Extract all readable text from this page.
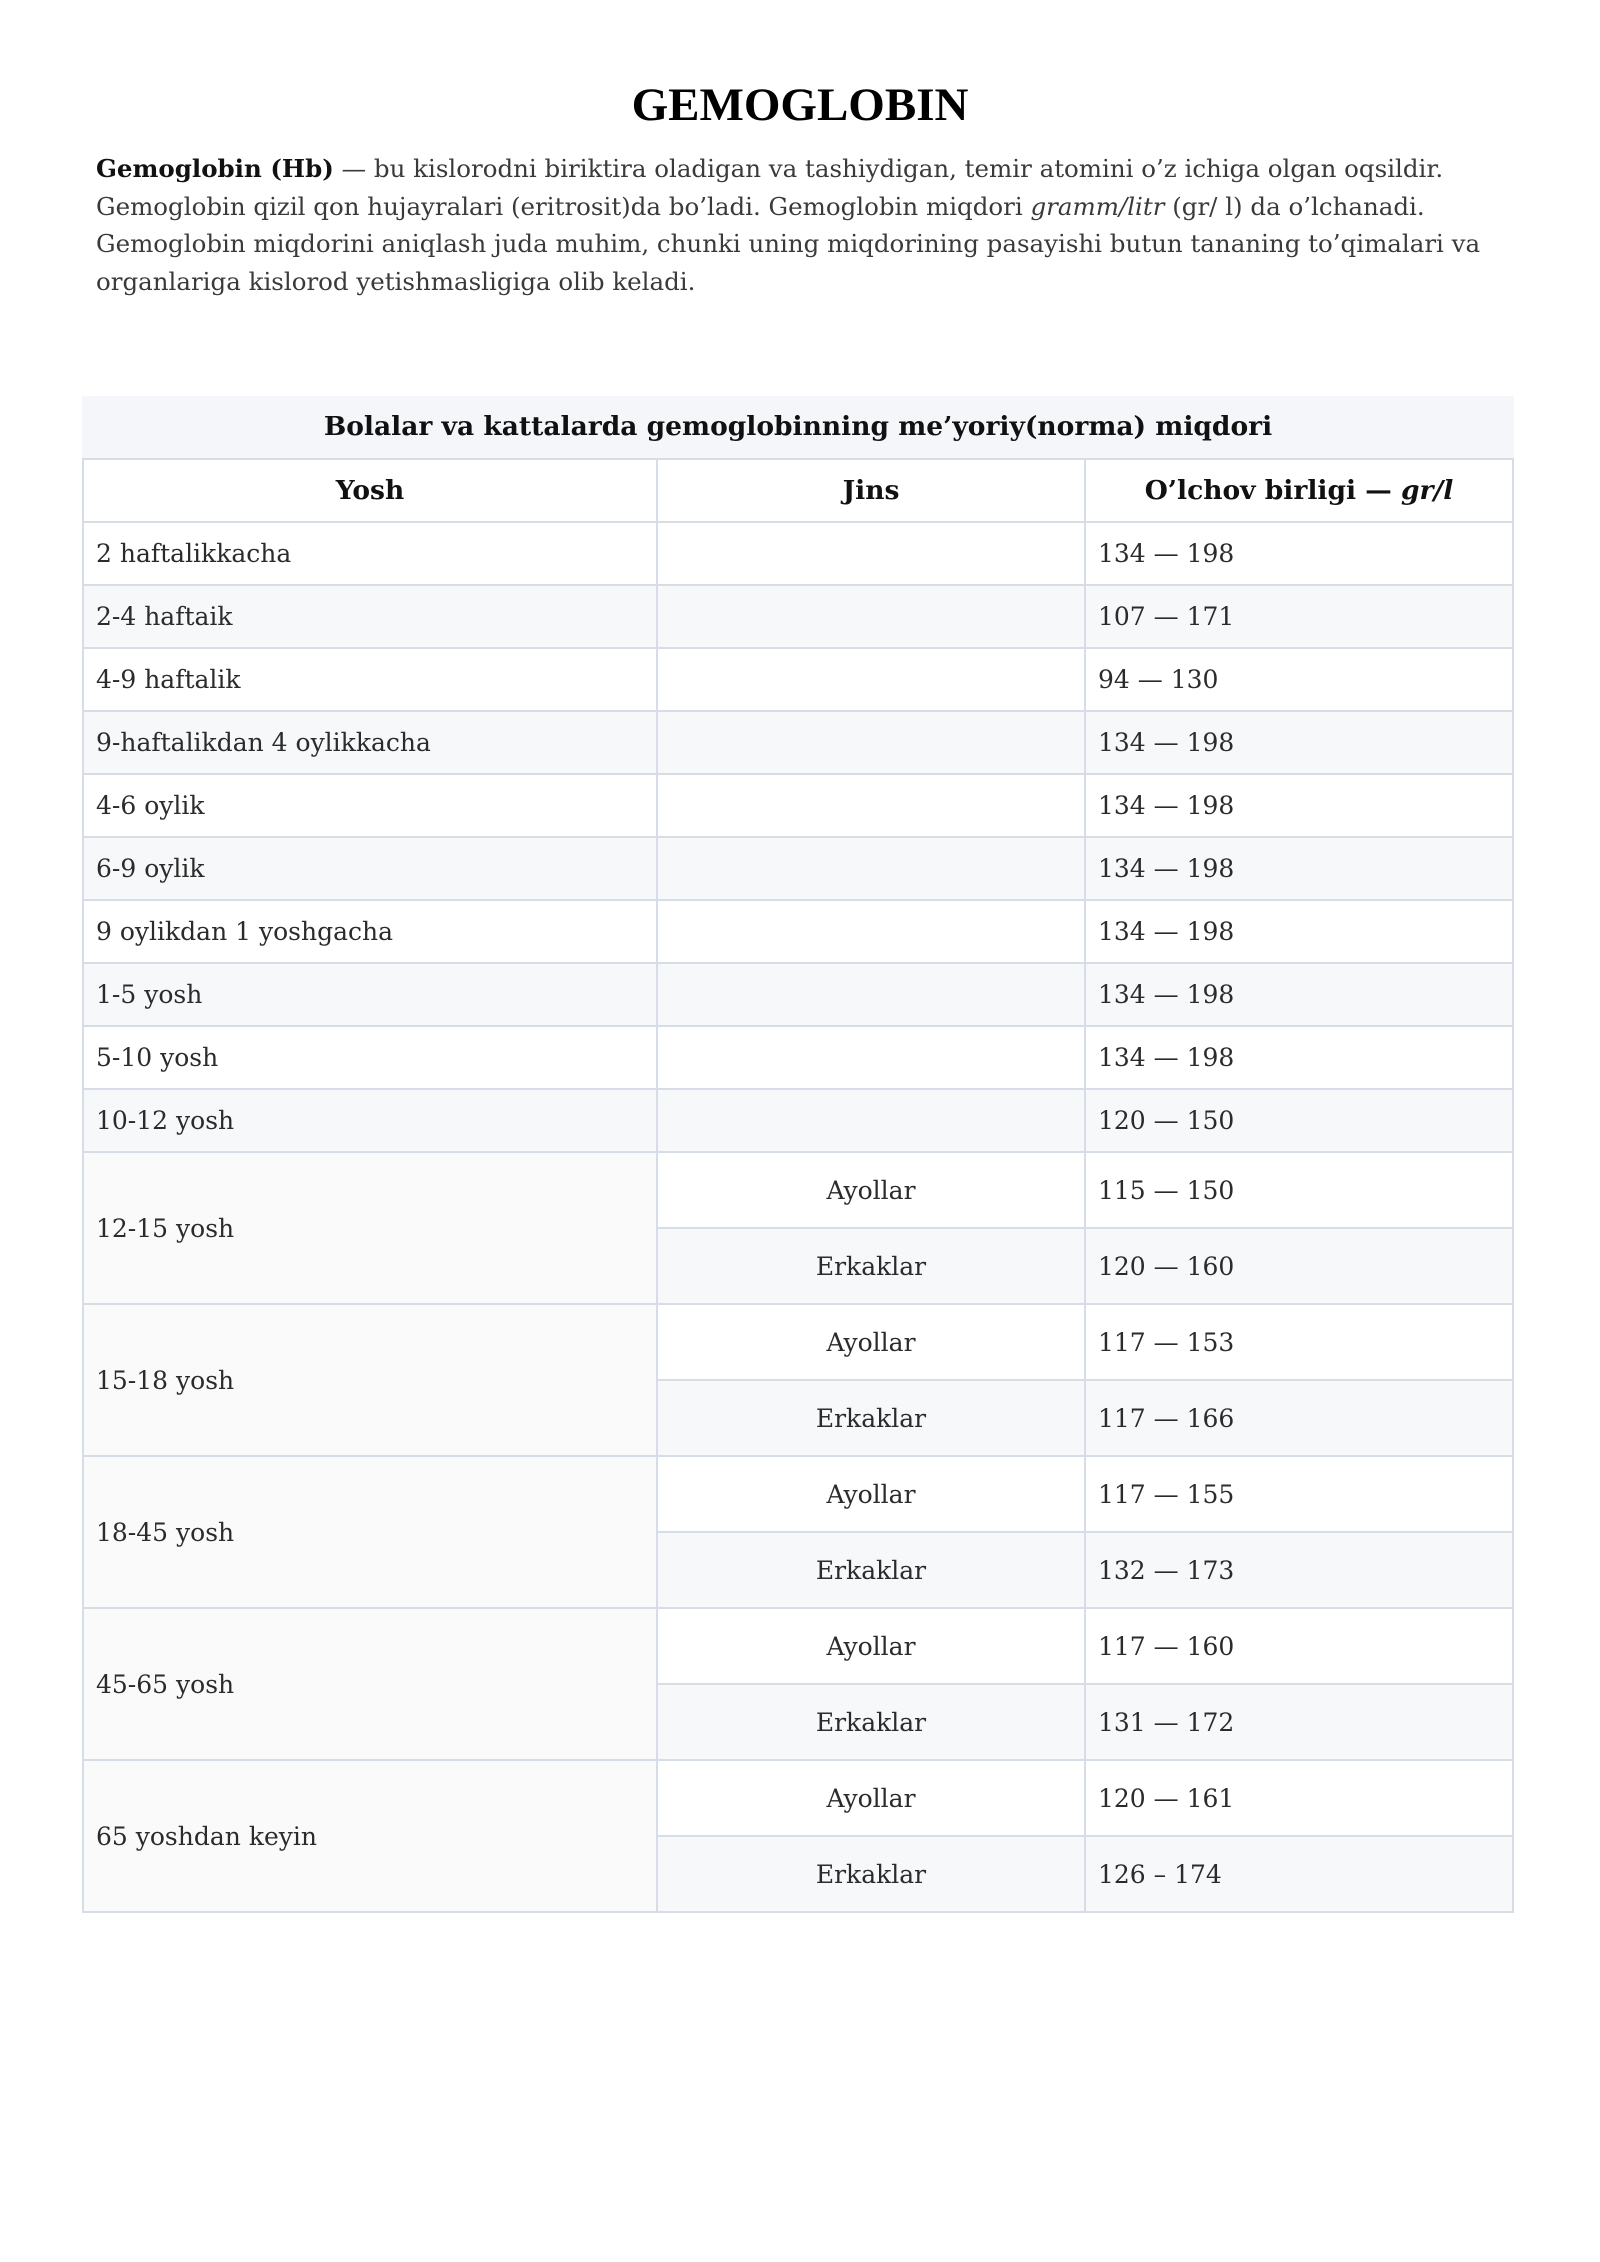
GEMOGLOBIN

Gemoglobin (Hb) — bu kislorodni biriktira oladigan va tashiydigan, temir atomini o’z ichiga olgan oqsildir. Gemoglobin qizil qon hujayralari (eritrosit)da bo’ladi. Gemoglobin miqdori gramm/litr (gr/ l) da o’lchanadi. Gemoglobin miqdorini aniqlash juda muhim, chunki uning miqdorining pasayishi butun tananing to’qimalari va organlariga kislorod yetishmasligiga olib keladi.

Bolalar va kattalarda gemoglobinning me’yoriy(norma) miqdori
Yosh	Jins	O’lchov birligi — gr/l
2 haftalikkacha		134 — 198
2-4 haftaik		107 — 171
4-9 haftalik		94 — 130
9-haftalikdan 4 oylikkacha		134 — 198
4-6 oylik		134 — 198
6-9 oylik		134 — 198
9 oylikdan 1 yoshgacha		134 — 198
1-5 yosh		134 — 198
5-10 yosh		134 — 198
10-12 yosh		120 — 150
12-15 yosh	Ayollar	115 — 150
	Erkaklar	120 — 160
15-18 yosh	Ayollar	117 — 153
	Erkaklar	117 — 166
18-45 yosh	Ayollar	117 — 155
	Erkaklar	132 — 173
45-65 yosh	Ayollar	117 — 160
	Erkaklar	131 — 172
65 yoshdan keyin	Ayollar	120 — 161
	Erkaklar	126 – 174
